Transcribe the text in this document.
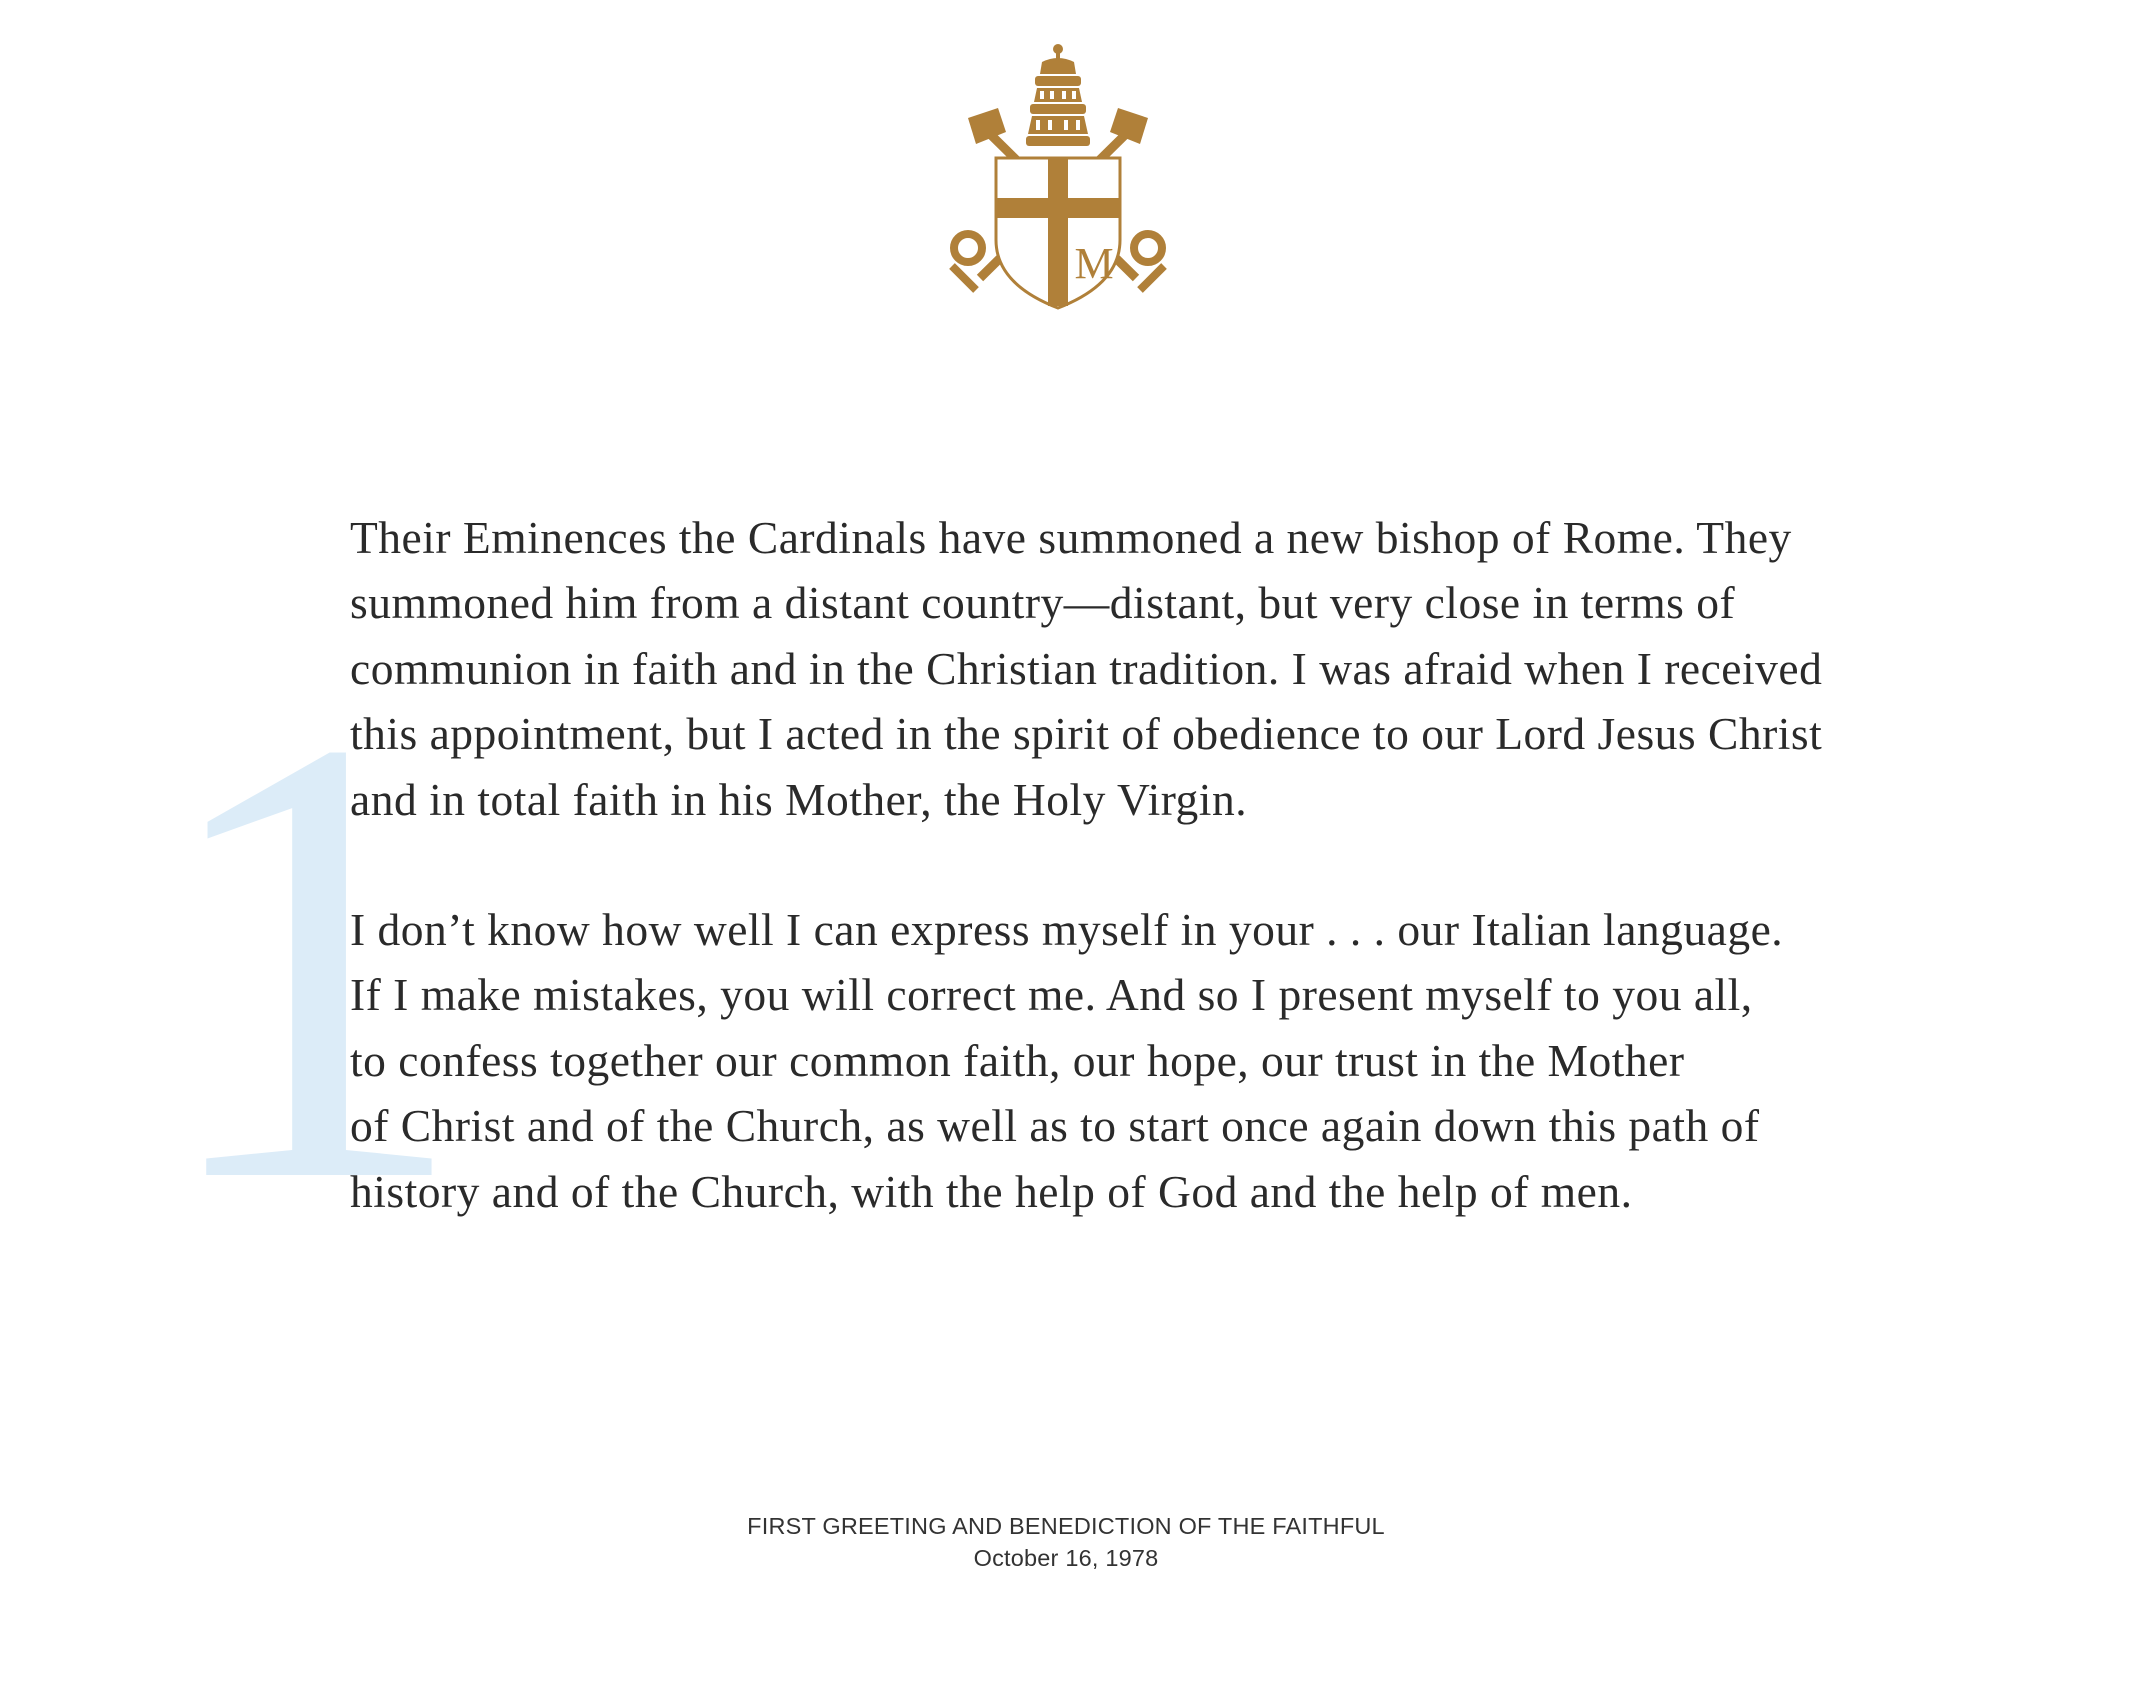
M
1

Their Eminences the Cardinals have summoned a new bishop of Rome. They
summoned him from a distant country—distant, but very close in terms of
communion in faith and in the Christian tradition. I was afraid when I received
this appointment, but I acted in the spirit of obedience to our Lord Jesus Christ
and in total faith in his Mother, the Holy Virgin.

I don’t know how well I can express myself in your . . . our Italian language.
If I make mistakes, you will correct me. And so I present myself to you all,
to confess together our common faith, our hope, our trust in the Mother
of Christ and of the Church, as well as to start once again down this path of
history and of the Church, with the help of God and the help of men.

FIRST GREETING AND BENEDICTION OF THE FAITHFUL
October 16, 1978
